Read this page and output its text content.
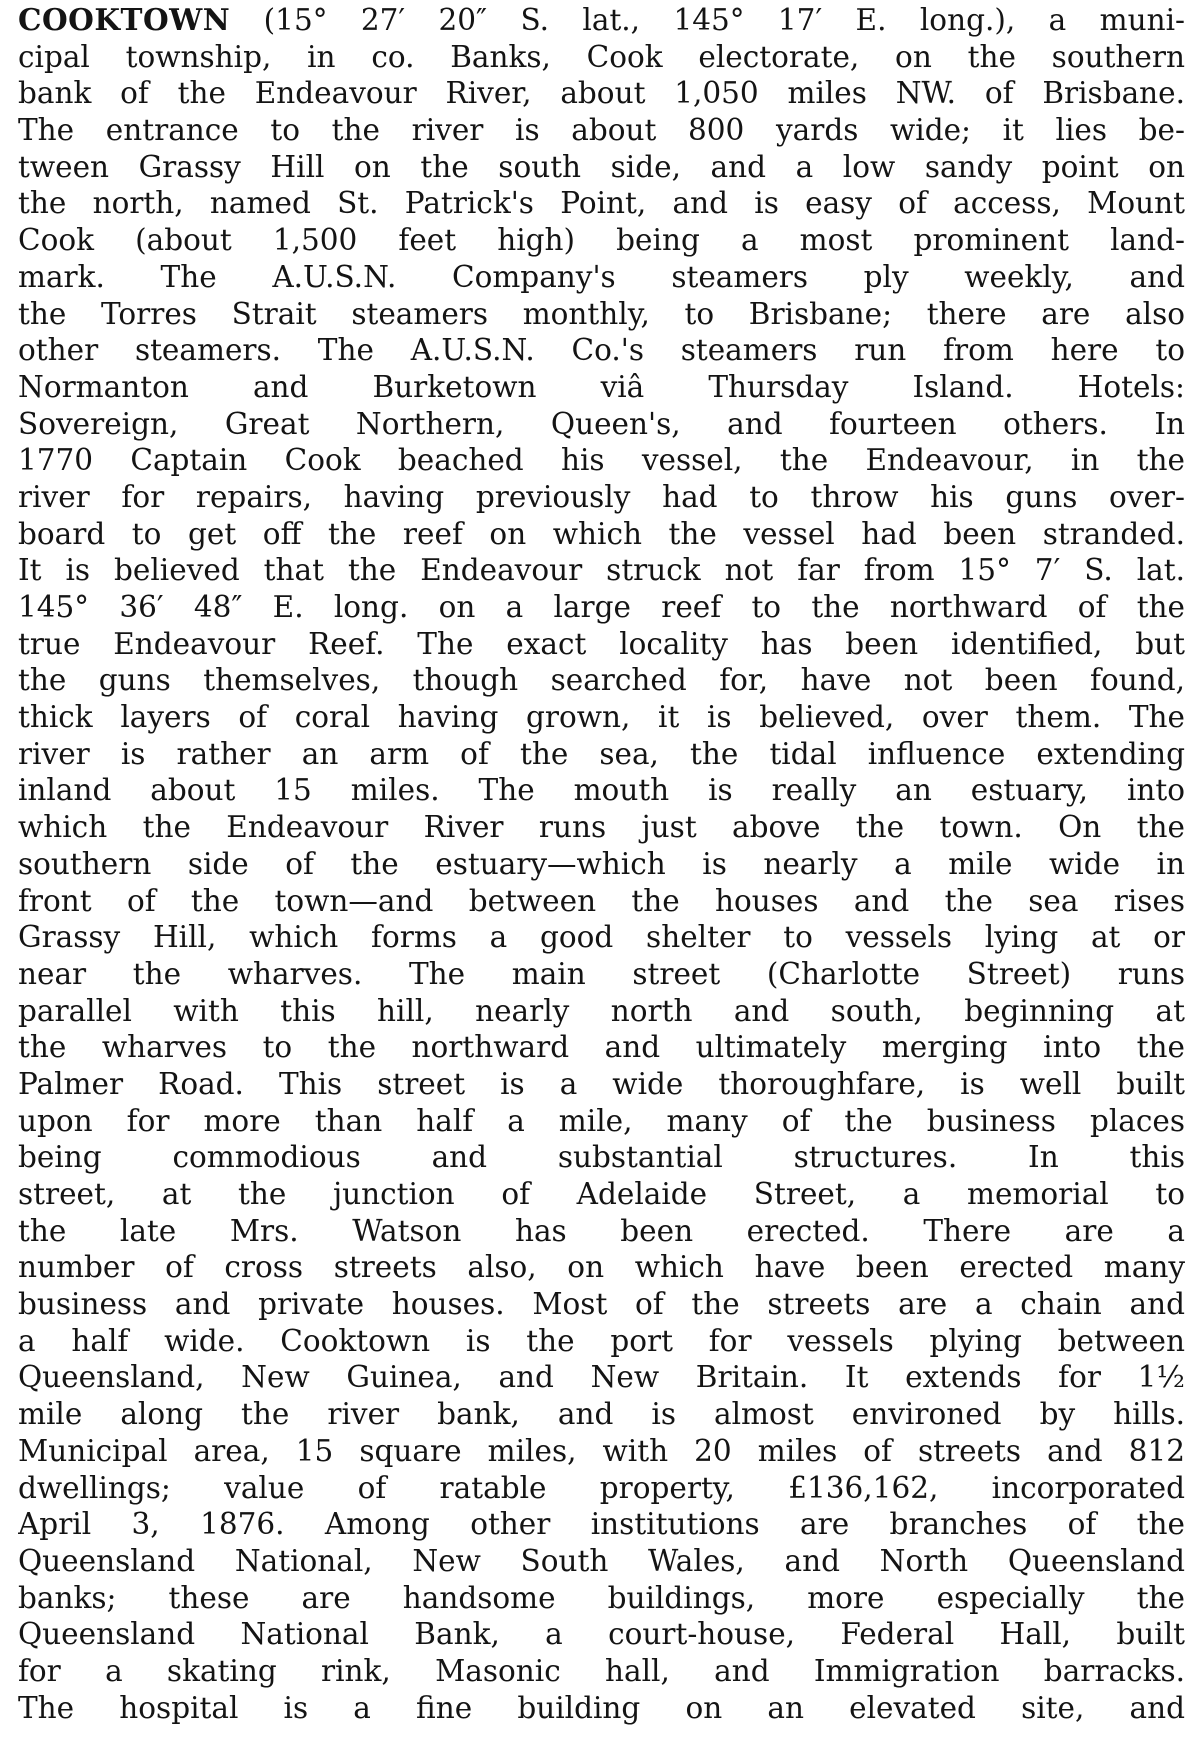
COOKTOWN (15° 27′ 20″ S. lat., 145° 17′ E. long.), a muni-
cipal township, in co. Banks, Cook electorate, on the southern
bank of the Endeavour River, about 1,050 miles NW. of Brisbane.
The entrance to the river is about 800 yards wide; it lies be-
tween Grassy Hill on the south side, and a low sandy point on
the north, named St. Patrick's Point, and is easy of access, Mount
Cook (about 1,500 feet high) being a most prominent land-
mark. The A.U.S.N. Company's steamers ply weekly, and
the Torres Strait steamers monthly, to Brisbane; there are also
other steamers. The A.U.S.N. Co.'s steamers run from here to
Normanton and Burketown viâ Thursday Island. Hotels:
Sovereign, Great Northern, Queen's, and fourteen others. In
1770 Captain Cook beached his vessel, the Endeavour, in the
river for repairs, having previously had to throw his guns over-
board to get off the reef on which the vessel had been stranded.
It is believed that the Endeavour struck not far from 15° 7′ S. lat.
145° 36′ 48″ E. long. on a large reef to the northward of the
true Endeavour Reef. The exact locality has been identified, but
the guns themselves, though searched for, have not been found,
thick layers of coral having grown, it is believed, over them. The
river is rather an arm of the sea, the tidal influence extending
inland about 15 miles. The mouth is really an estuary, into
which the Endeavour River runs just above the town. On the
southern side of the estuary—which is nearly a mile wide in
front of the town—and between the houses and the sea rises
Grassy Hill, which forms a good shelter to vessels lying at or
near the wharves. The main street (Charlotte Street) runs
parallel with this hill, nearly north and south, beginning at
the wharves to the northward and ultimately merging into the
Palmer Road. This street is a wide thoroughfare, is well built
upon for more than half a mile, many of the business places
being commodious and substantial structures. In this
street, at the junction of Adelaide Street, a memorial to
the late Mrs. Watson has been erected. There are a
number of cross streets also, on which have been erected many
business and private houses. Most of the streets are a chain and
a half wide. Cooktown is the port for vessels plying between
Queensland, New Guinea, and New Britain. It extends for 1½
mile along the river bank, and is almost environed by hills.
Municipal area, 15 square miles, with 20 miles of streets and 812
dwellings; value of ratable property, £136,162, incorporated
April 3, 1876. Among other institutions are branches of the
Queensland National, New South Wales, and North Queensland
banks; these are handsome buildings, more especially the
Queensland National Bank, a court-house, Federal Hall, built
for a skating rink, Masonic hall, and Immigration barracks.
The hospital is a fine building on an elevated site, and
